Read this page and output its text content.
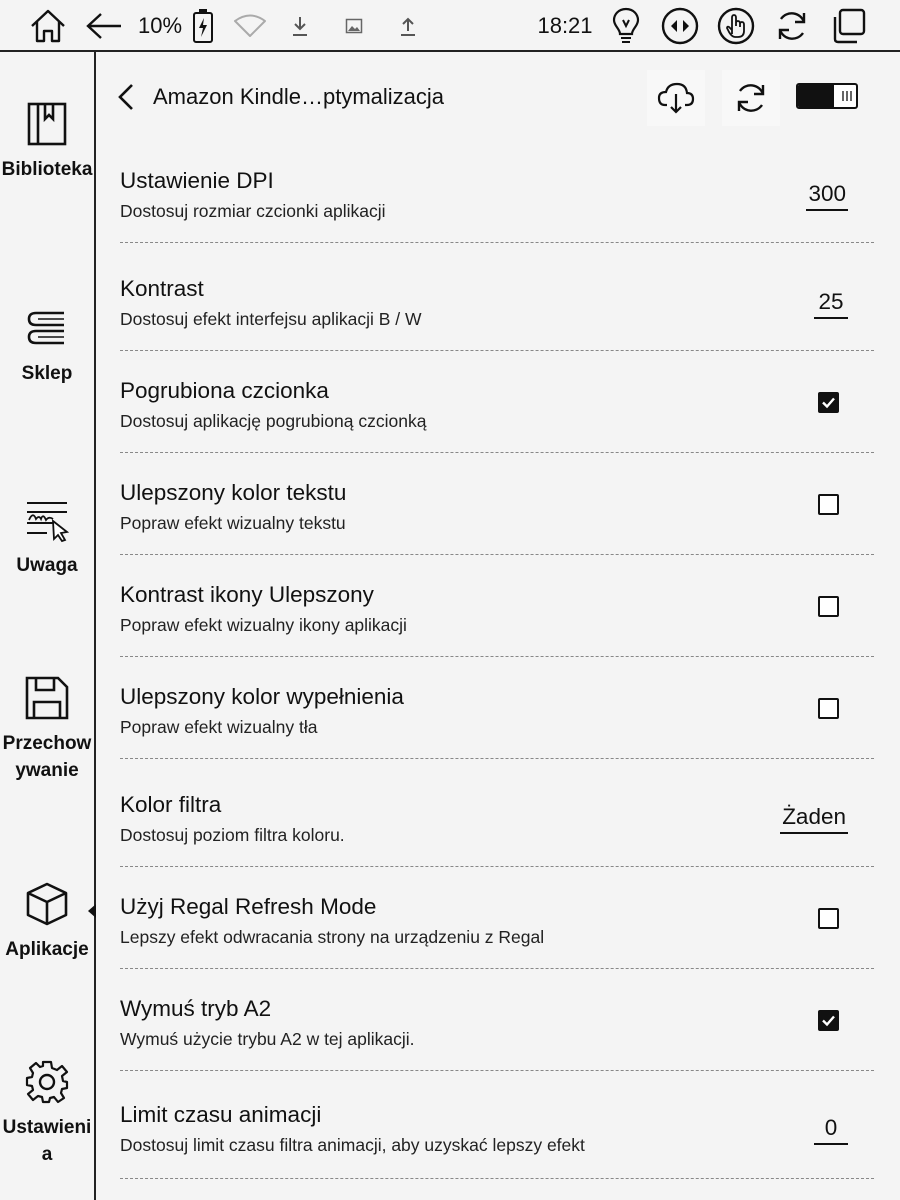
10%	18:21
Biblioteka
Sklep
Uwaga
Przechowywanie
Aplikacje
Ustawienia
Amazon Kindle…ptymalizacja
Ustawienie DPI
Dostosuj rozmiar czcionki aplikacji
300
Kontrast
Dostosuj efekt interfejsu aplikacji B / W
25
Pogrubiona czcionka
Dostosuj aplikację pogrubioną czcionką
Ulepszony kolor tekstu
Popraw efekt wizualny tekstu
Kontrast ikony Ulepszony
Popraw efekt wizualny ikony aplikacji
Ulepszony kolor wypełnienia
Popraw efekt wizualny tła
Kolor filtra
Dostosuj poziom filtra koloru.
Żaden
Użyj Regal Refresh Mode
Lepszy efekt odwracania strony na urządzeniu z Regal
Wymuś tryb A2
Wymuś użycie trybu A2 w tej aplikacji.
Limit czasu animacji
Dostosuj limit czasu filtra animacji, aby uzyskać lepszy efekt
0
